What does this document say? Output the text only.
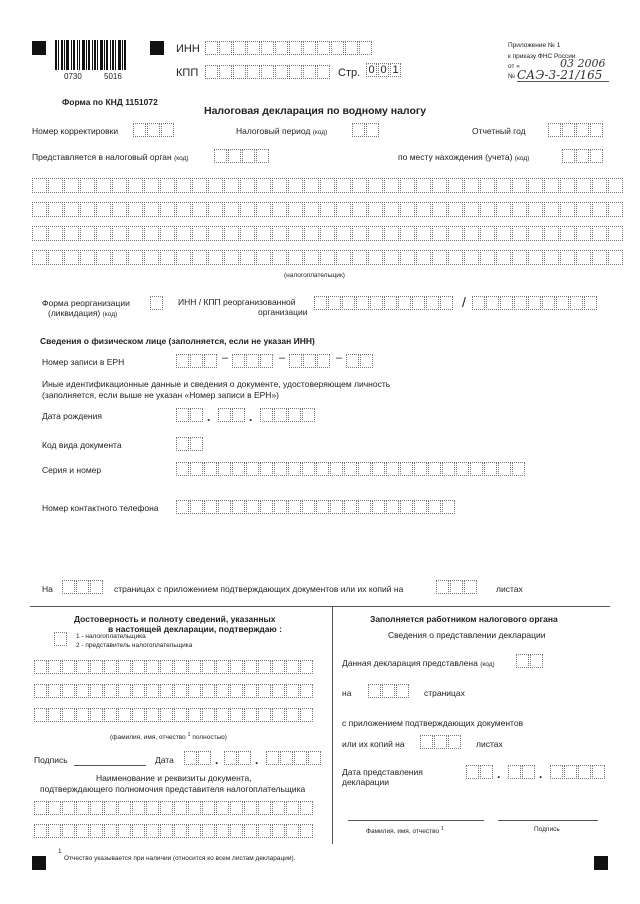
0730	5016
ИНН
КПП	Стр. 0 0 1
Приложение № 1
к приказу ФНС России
от «	03 2006
№ САЭ-3-21/165
Форма по КНД 1151072
Налоговая декларация по водному налогу
Номер корректировки	Налоговый период (код)	Отчетный год
Представляется в налоговый орган (код)	по месту нахождения (учета) (код)
(налогоплательщик)
Форма реорганизации
(ликвидация) (код)
ИНН / КПП реорганизованной
организации
/
Сведения о физическом лице (заполняется, если не указан ИНН)
Номер записи в ЕРН	–	–	–
Иные идентификационные данные и сведения о документе, удостоверяющем личность
(заполняется, если выше не указан «Номер записи в ЕРН»)
Дата рождения	.	.
Код вида документа
Серия и номер
Номер контактного телефона
На	страницах с приложением подтверждающих документов или их копий на	листах
Достоверность и полноту сведений, указанных
в настоящей декларации, подтверждаю :
1 - налогоплательщика
2 - представитель налогоплательщика
(фамилия, имя, отчество $^1$ полностью)
Подпись	Дата	.	.
Наименование и реквизиты документа,
подтверждающего полномочия представителя налогоплательщика
Заполняется работником налогового органа
Сведения о представлении декларации
Данная декларация представлена (код)
на	страницах
с приложением подтверждающих документов
или их копий на	листах
Дата представления
декларации
.	.
Фамилия, имя, отчество $^1$	Подпись
1
Отчество указывается при наличии (относится ко всем листам декларации).
